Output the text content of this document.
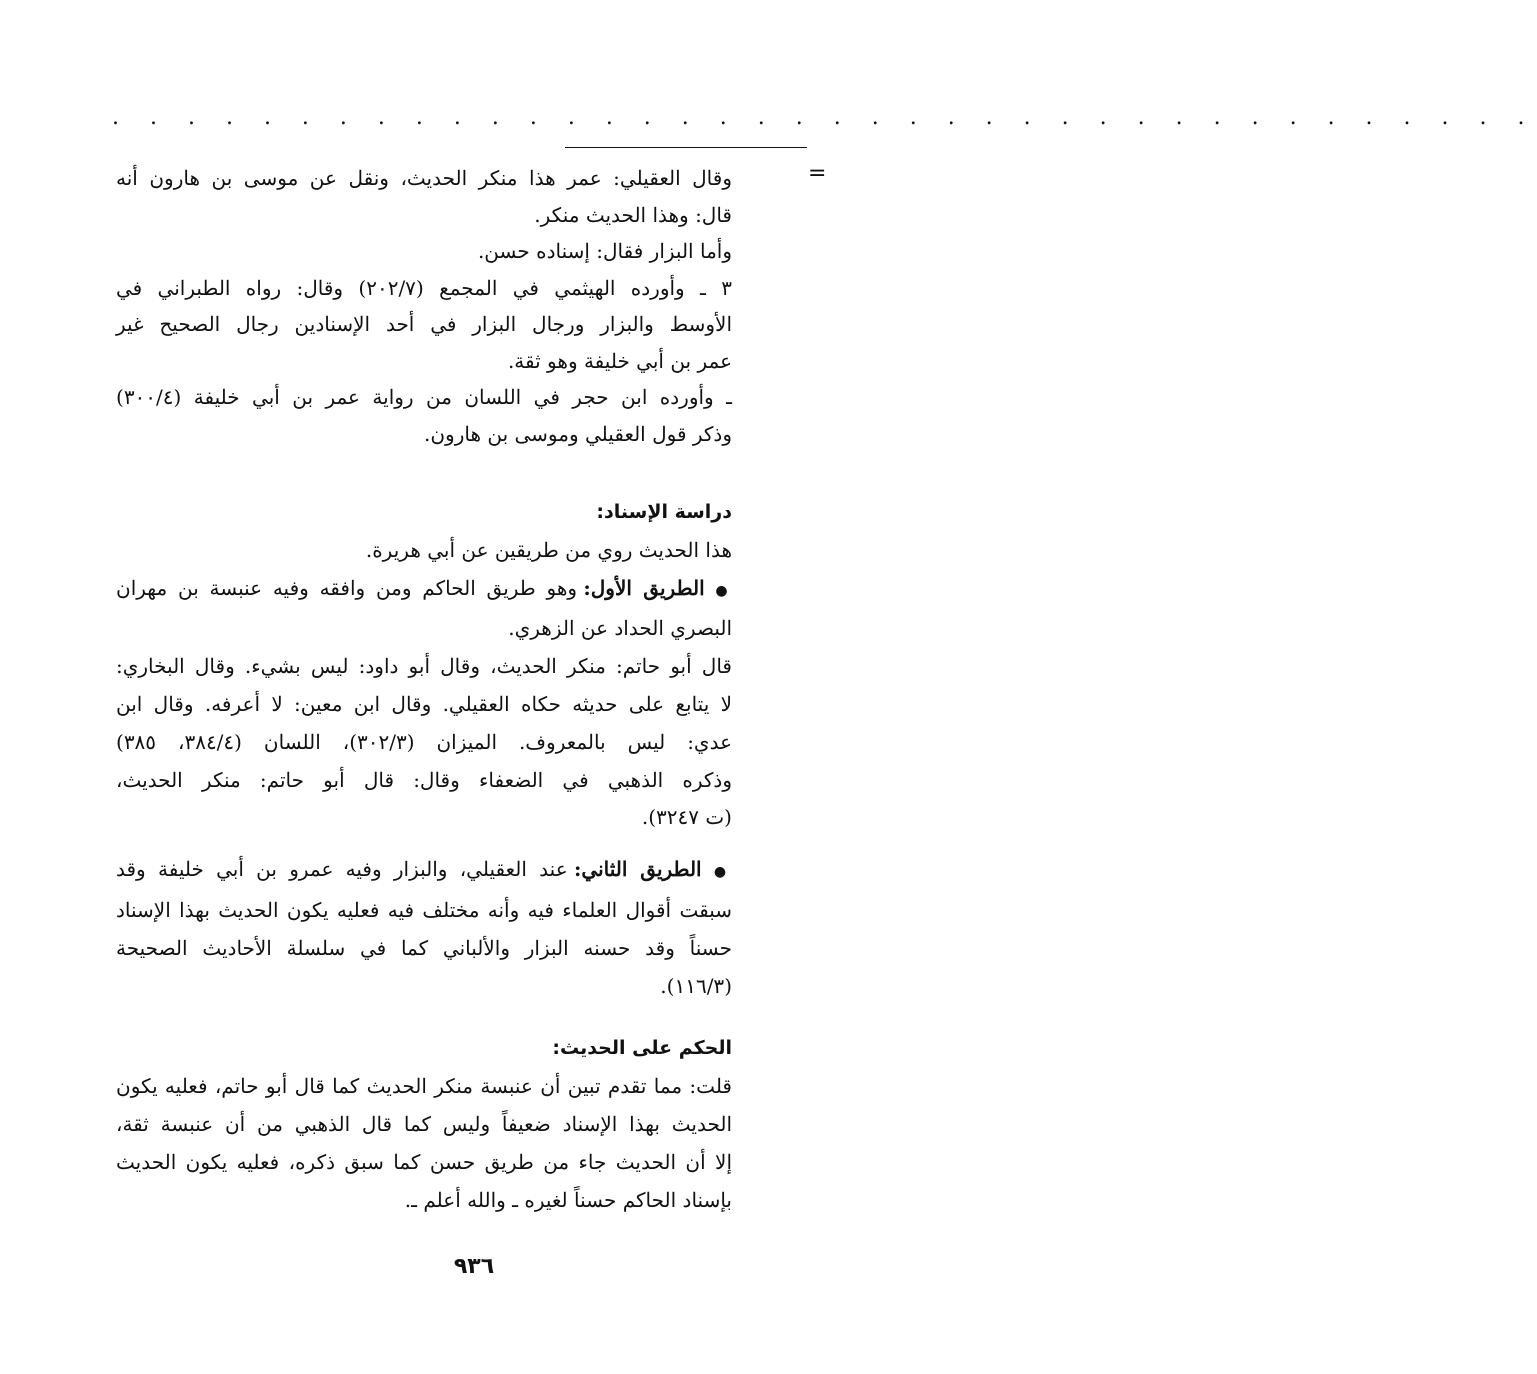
. . . . . . . . . . . . . . . . . . . . . . . . . . . . . . . . . . . . . .
=

وقال العقيلي: عمر هذا منكر الحديث، ونقل عن موسى بن هارون أنه

قال: وهذا الحديث منكر.

وأما البزار فقال: إسناده حسن.

٣ ـ وأورده الهيثمي في المجمع (٢٠٢/٧) وقال: رواه الطبراني في

الأوسط والبزار ورجال البزار في أحد الإسنادين رجال الصحيح غير

عمر بن أبي خليفة وهو ثقة.

ـ وأورده ابن حجر في اللسان من رواية عمر بن أبي خليفة (٣٠٠/٤)

وذكر قول العقيلي وموسى بن هارون.

دراسة الإسناد:

هذا الحديث روي من طريقين عن أبي هريرة.

● الطريق الأول: وهو طريق الحاكم ومن وافقه وفيه عنبسة بن مهران

البصري الحداد عن الزهري.

قال أبو حاتم: منكر الحديث، وقال أبو داود: ليس بشيء. وقال البخاري:

لا يتابع على حديثه حكاه العقيلي. وقال ابن معين: لا أعرفه. وقال ابن

عدي: ليس بالمعروف. الميزان (٣٠٢/٣)، اللسان (٣٨٤/٤، ٣٨٥)

وذكره الذهبي في الضعفاء وقال: قال أبو حاتم: منكر الحديث،

(ت ٣٢٤٧).

● الطريق الثاني: عند العقيلي، والبزار وفيه عمرو بن أبي خليفة وقد

سبقت أقوال العلماء فيه وأنه مختلف فيه فعليه يكون الحديث بهذا الإسناد

حسناً وقد حسنه البزار والألباني كما في سلسلة الأحاديث الصحيحة

(١١٦/٣).

الحكم على الحديث:

قلت: مما تقدم تبين أن عنبسة منكر الحديث كما قال أبو حاتم، فعليه يكون

الحديث بهذا الإسناد ضعيفاً وليس كما قال الذهبي من أن عنبسة ثقة،

إلا أن الحديث جاء من طريق حسن كما سبق ذكره، فعليه يكون الحديث

بإسناد الحاكم حسناً لغيره ـ والله أعلم ـ.

٩٣٦
